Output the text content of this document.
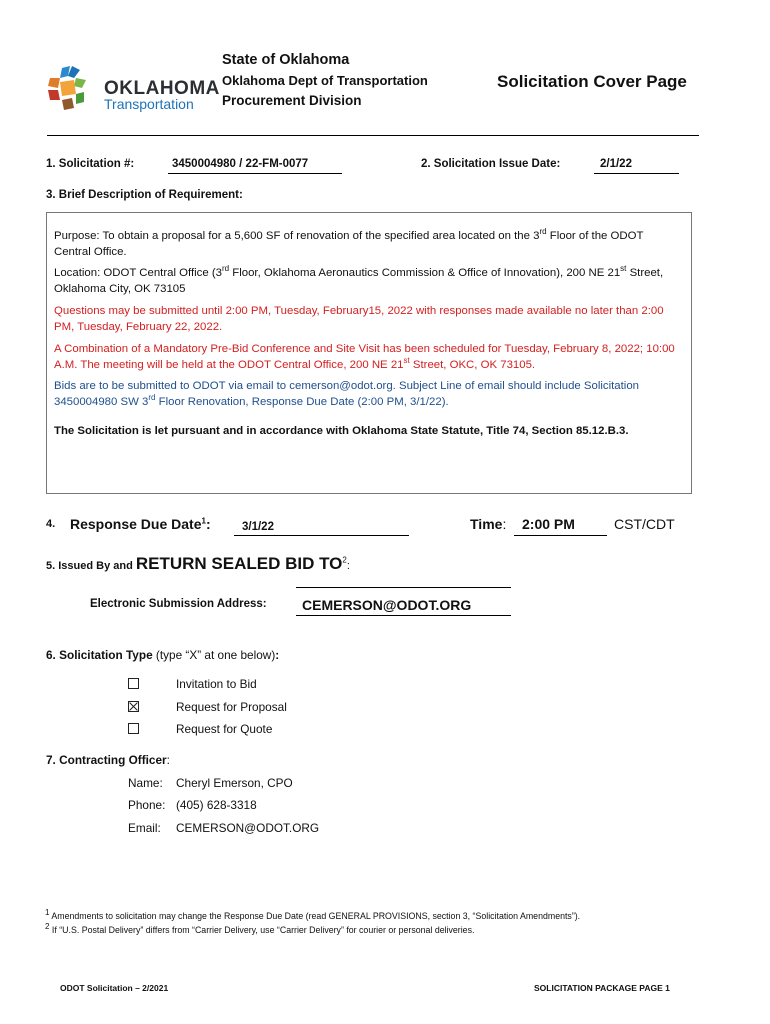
OKLAHOMA
Transportation
State of Oklahoma
Oklahoma Dept of Transportation
Procurement Division
Solicitation Cover Page
1. Solicitation #:	3450004980 / 22-FM-0077	2. Solicitation Issue Date:	2/1/22
3. Brief Description of Requirement:
Purpose: To obtain a proposal for a 5,600 SF of renovation of the specified area located on the 3rd Floor of the ODOT Central Office.
Location: ODOT Central Office (3rd Floor, Oklahoma Aeronautics Commission & Office of Innovation), 200 NE 21st Street, Oklahoma City, OK 73105
Questions may be submitted until 2:00 PM, Tuesday, February15, 2022 with responses made available no later than 2:00 PM, Tuesday, February 22, 2022.
A Combination of a Mandatory Pre-Bid Conference and Site Visit has been scheduled for Tuesday, February 8, 2022; 10:00 A.M. The meeting will be held at the ODOT Central Office, 200 NE 21st Street, OKC, OK 73105.
Bids are to be submitted to ODOT via email to cemerson@odot.org. Subject Line of email should include Solicitation 3450004980 SW 3rd Floor Renovation, Response Due Date (2:00 PM, 3/1/22).
The Solicitation is let pursuant and in accordance with Oklahoma State Statute, Title 74, Section 85.12.B.3.
4. Response Due Date$^1$:	3/1/22	Time: 2:00 PM	CST/CDT
5. Issued By and RETURN SEALED BID $TO^2$:
Electronic Submission Address:	CEMERSON@ODOT.ORG
6. Solicitation Type (type “X” at one below):
Invitation to Bid
Request for Proposal
Request for Quote
7. Contracting Officer:
Name: Cheryl Emerson, CPO
Phone: (405) 628-3318
Email: CEMERSON@ODOT.ORG
$^1$ Amendments to solicitation may change the Response Due Date (read GENERAL PROVISIONS, section 3, “Solicitation Amendments”).
$^2$ If “U.S. Postal Delivery” differs from “Carrier Delivery, use “Carrier Delivery” for courier or personal deliveries.
ODOT Solicitation – 2/2021	SOLICITATION PACKAGE PAGE 1
